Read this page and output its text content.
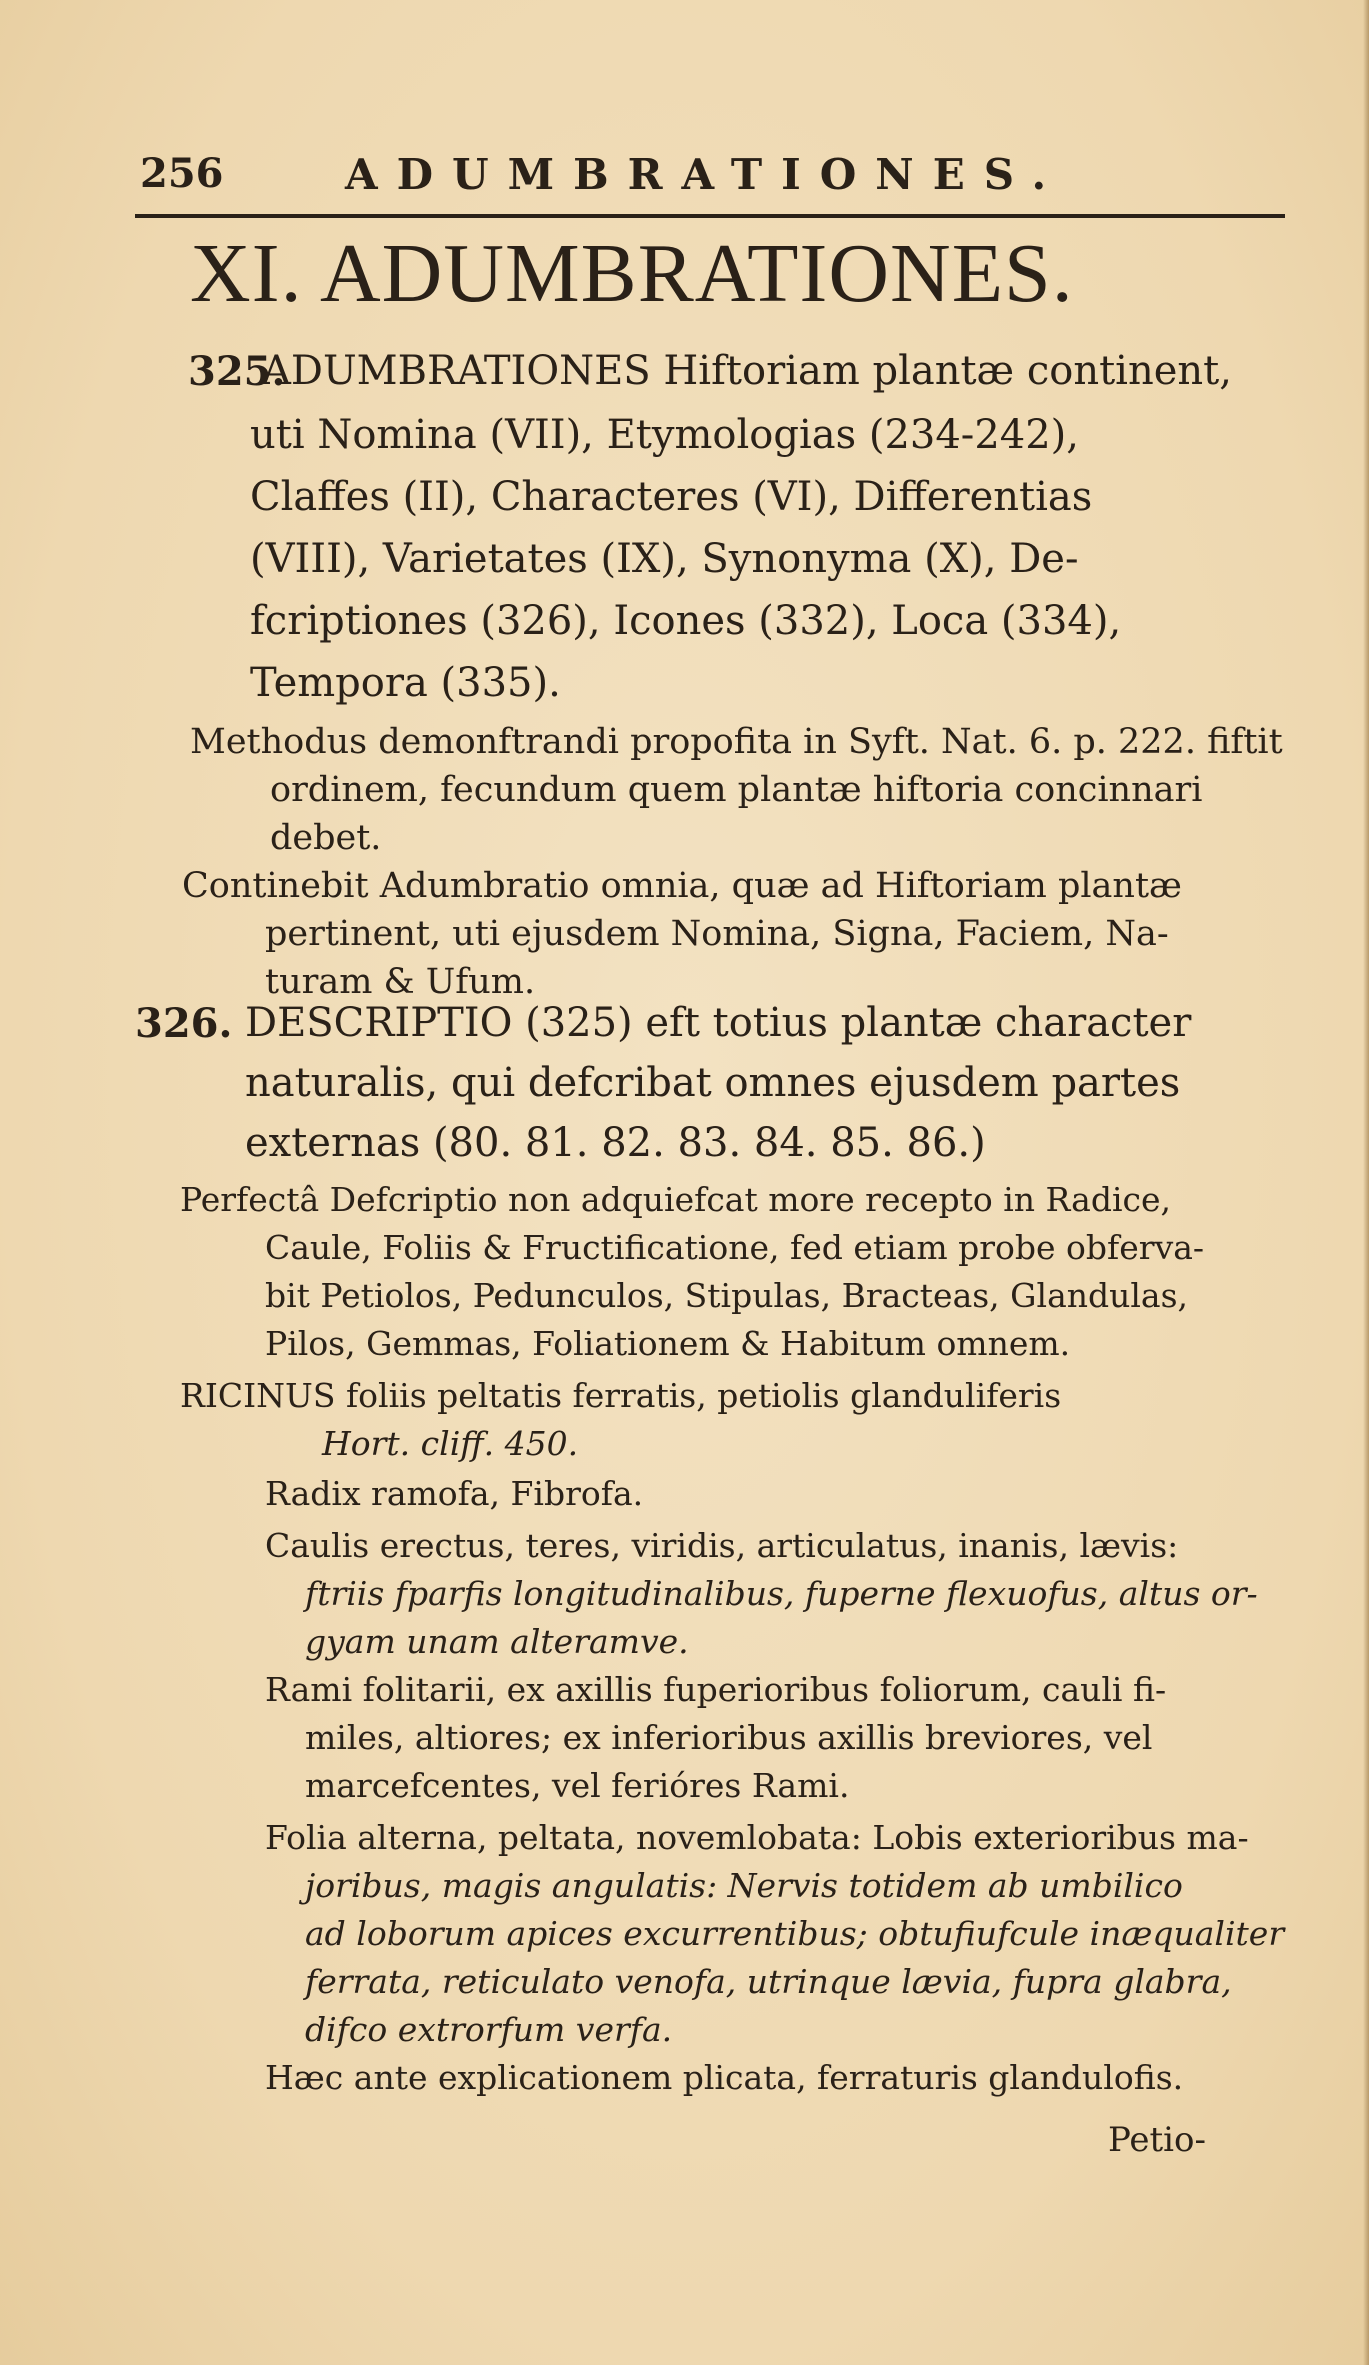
256	ADUMBRATIONES.
XI. ADUMBRATIONES.
325.
ADUMBRATIONES Hiftoriam plantæ continent,
uti Nomina (VII), Etymologias (234-242),
Claffes (II), Characteres (VI), Differentias
(VIII), Varietates (IX), Synonyma (X), De-
fcriptiones (326), Icones (332), Loca (334),
Tempora (335).
Methodus demonftrandi propofita in Syft. Nat. 6. p. 222. fiftit
ordinem, fecundum quem plantæ hiftoria concinnari
debet.
Continebit Adumbratio omnia, quæ ad Hiftoriam plantæ
pertinent, uti ejusdem Nomina, Signa, Faciem, Na-
turam & Ufum.
326. DESCRIPTIO (325) eft totius plantæ character
naturalis, qui defcribat omnes ejusdem partes
externas (80. 81. 82. 83. 84. 85. 86.)
Perfectâ Defcriptio non adquiefcat more recepto in Radice,
Caule, Foliis & Fructificatione, fed etiam probe obferva-
bit Petiolos, Pedunculos, Stipulas, Bracteas, Glandulas,
Pilos, Gemmas, Foliationem & Habitum omnem.
RICINUS foliis peltatis ferratis, petiolis glanduliferis
Hort. cliff. 450.
Radix ramofa, Fibrofa.
Caulis erectus, teres, viridis, articulatus, inanis, lævis:
ftriis fparfis longitudinalibus, fuperne flexuofus, altus or-
gyam unam alteramve.
Rami folitarii, ex axillis fuperioribus foliorum, cauli fi-
miles, altiores; ex inferioribus axillis breviores, vel
marcefcentes, vel ferióres Rami.
Folia alterna, peltata, novemlobata: Lobis exterioribus ma-
joribus, magis angulatis: Nervis totidem ab umbilico
ad loborum apices excurrentibus; obtufiufcule inæqualiter
ferrata, reticulato venofa, utrinque lævia, fupra glabra,
difco extrorfum verfa.
Hæc ante explicationem plicata, ferraturis glandulofis.
Petio-
